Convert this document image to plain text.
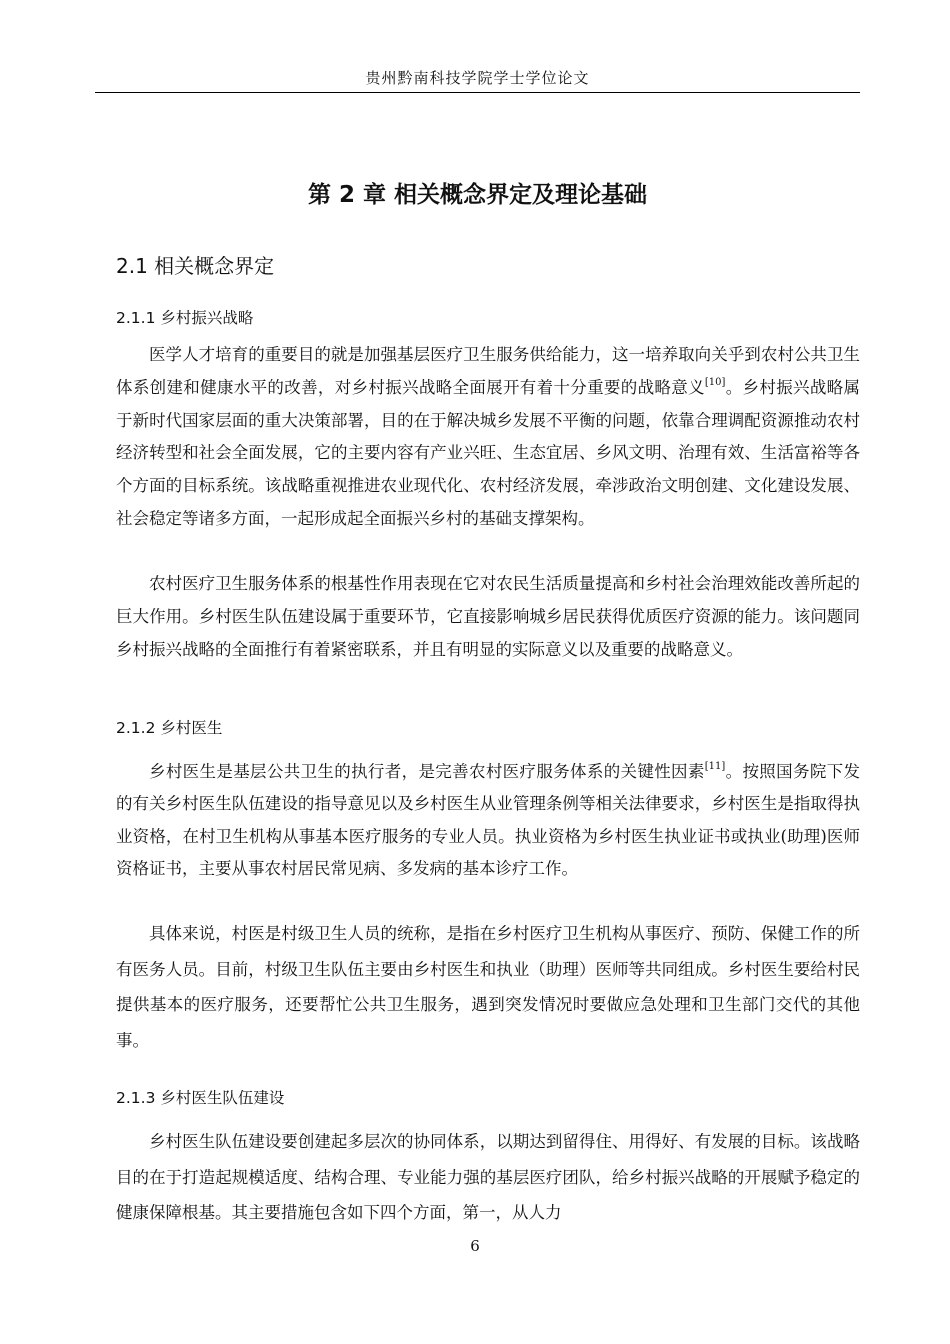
贵州黔南科技学院学士学位论文
第 2 章 相关概念界定及理论基础
2.1 相关概念界定
2.1.1 乡村振兴战略

医学人才培育的重要目的就是加强基层医疗卫生服务供给能力，这一培养取向关乎到农村公共卫生体系创建和健康水平的改善，对乡村振兴战略全面展开有着十分重要的战略意义[10]。乡村振兴战略属于新时代国家层面的重大决策部署，目的在于解决城乡发展不平衡的问题，依靠合理调配资源推动农村经济转型和社会全面发展，它的主要内容有产业兴旺、生态宜居、乡风文明、治理有效、生活富裕等各个方面的目标系统。该战略重视推进农业现代化、农村经济发展，牵涉政治文明创建、文化建设发展、社会稳定等诸多方面，一起形成起全面振兴乡村的基础支撑架构。

农村医疗卫生服务体系的根基性作用表现在它对农民生活质量提高和乡村社会治理效能改善所起的巨大作用。乡村医生队伍建设属于重要环节，它直接影响城乡居民获得优质医疗资源的能力。该问题同乡村振兴战略的全面推行有着紧密联系，并且有明显的实际意义以及重要的战略意义。

2.1.2 乡村医生

乡村医生是基层公共卫生的执行者，是完善农村医疗服务体系的关键性因素[11]。按照国务院下发的有关乡村医生队伍建设的指导意见以及乡村医生从业管理条例等相关法律要求，乡村医生是指取得执业资格，在村卫生机构从事基本医疗服务的专业人员。执业资格为乡村医生执业证书或执业(助理)医师资格证书，主要从事农村居民常见病、多发病的基本诊疗工作。

具体来说，村医是村级卫生人员的统称，是指在乡村医疗卫生机构从事医疗、预防、保健工作的所有医务人员。目前，村级卫生队伍主要由乡村医生和执业（助理）医师等共同组成。乡村医生要给村民提供基本的医疗服务，还要帮忙公共卫生服务，遇到突发情况时要做应急处理和卫生部门交代的其他事。

2.1.3 乡村医生队伍建设

乡村医生队伍建设要创建起多层次的协同体系，以期达到留得住、用得好、有发展的目标。该战略目的在于打造起规模适度、结构合理、专业能力强的基层医疗团队，给乡村振兴战略的开展赋予稳定的健康保障根基。其主要措施包含如下四个方面，第一，从人力

6
